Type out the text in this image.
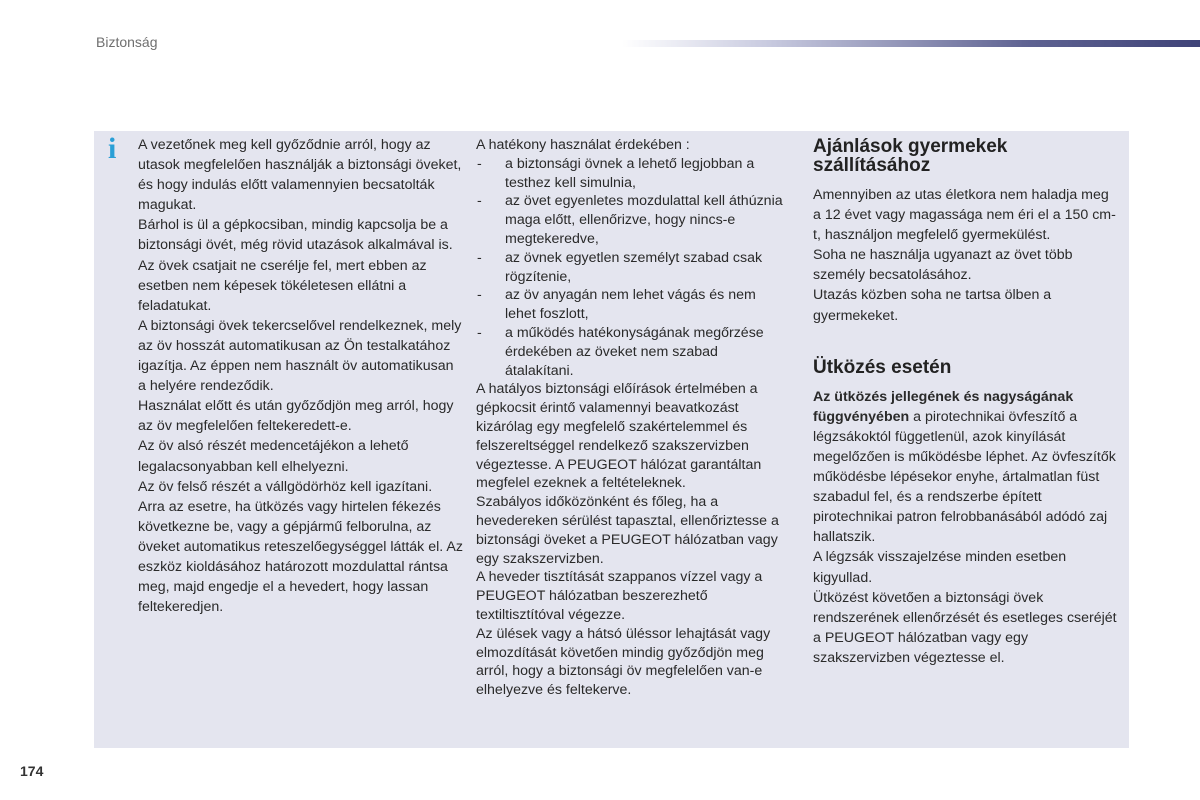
Biztonság
i A vezetőnek meg kell győződnie arról, hogy az utasok megfelelően használják a biztonsági öveket, és hogy indulás előtt valamennyien becsatolták magukat.

Bárhol is ül a gépkocsiban, mindig kapcsolja be a biztonsági övét, még rövid utazások alkalmával is.

Az övek csatjait ne cserélje fel, mert ebben az esetben nem képesek tökéletesen ellátni a feladatukat.

A biztonsági övek tekercselővel rendelkeznek, mely az öv hosszát automatikusan az Ön testalkatához igazítja. Az éppen nem használt öv automatikusan a helyére rendeződik.

Használat előtt és után győződjön meg arról, hogy az öv megfelelően feltekeredett-e.

Az öv alsó részét medencetájékon a lehető legalacsonyabban kell elhelyezni.

Az öv felső részét a vállgödörhöz kell igazítani.

Arra az esetre, ha ütközés vagy hirtelen fékezés következne be, vagy a gépjármű felborulna, az öveket automatikus reteszelőegységgel látták el. Az eszköz kioldásához határozott mozdulattal rántsa meg, majd engedje el a hevedert, hogy lassan feltekeredjen.

A hatékony használat érdekében :

- a biztonsági övnek a lehető legjobban a testhez kell simulnia,
- az övet egyenletes mozdulattal kell áthúznia maga előtt, ellenőrizve, hogy nincs-e megtekeredve,
- az övnek egyetlen személyt szabad csak rögzítenie,
- az öv anyagán nem lehet vágás és nem lehet foszlott,
- a működés hatékonyságának megőrzése érdekében az öveket nem szabad átalakítani.

A hatályos biztonsági előírások értelmében a gépkocsit érintő valamennyi beavatkozást kizárólag egy megfelelő szakértelemmel és felszereltséggel rendelkező szakszervizben végeztesse. A PEUGEOT hálózat garantáltan megfelel ezeknek a feltételeknek.

Szabályos időközönként és főleg, ha a hevedereken sérülést tapasztal, ellenőriztesse a biztonsági öveket a PEUGEOT hálózatban vagy egy szakszervizben.

A heveder tisztítását szappanos vízzel vagy a PEUGEOT hálózatban beszerezhető textiltisztítóval végezze.

Az ülések vagy a hátsó üléssor lehajtását vagy elmozdítását követően mindig győződjön meg arról, hogy a biztonsági öv megfelelően van-e elhelyezve és feltekerve.

Ajánlások gyermekek szállításához

Amennyiben az utas életkora nem haladja meg a 12 évet vagy magassága nem éri el a 150 cm-t, használjon megfelelő gyermekülést.

Soha ne használja ugyanazt az övet több személy becsatolásához.

Utazás közben soha ne tartsa ölben a gyermekeket.

Ütközés esetén

Az ütközés jellegének és nagyságának függvényében a pirotechnikai övfeszítő a légzsákoktól függetlenül, azok kinyílását megelőzően is működésbe léphet. Az övfeszítők működésbe lépésekor enyhe, ártalmatlan füst szabadul fel, és a rendszerbe épített pirotechnikai patron felrobbanásából adódó zaj hallatszik.

A légzsák visszajelzése minden esetben kigyullad.

Ütközést követően a biztonsági övek rendszerének ellenőrzését és esetleges cseréjét a PEUGEOT hálózatban vagy egy szakszervizben végeztesse el.

174
